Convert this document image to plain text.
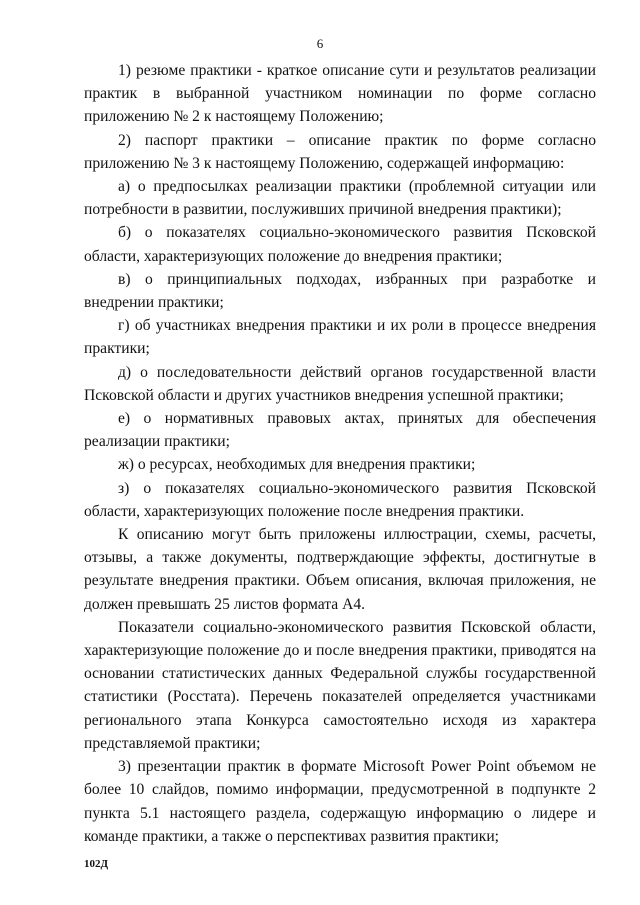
6

1) резюме практики - краткое описание сути и результатов реализации практик в выбранной участником номинации по форме согласно приложению № 2 к настоящему Положению;

2) паспорт практики – описание практик по форме согласно приложению № 3 к настоящему Положению, содержащей информацию:

а) о предпосылках реализации практики (проблемной ситуации или потребности в развитии, послуживших причиной внедрения практики);

б) о показателях социально-экономического развития Псковской области, характеризующих положение до внедрения практики;

в) о принципиальных подходах, избранных при разработке и внедрении практики;

г) об участниках внедрения практики и их роли в процессе внедрения практики;

д) о последовательности действий органов государственной власти Псковской области и других участников внедрения успешной практики;

е) о нормативных правовых актах, принятых для обеспечения реализации практики;

ж) о ресурсах, необходимых для внедрения практики;

з) о показателях социально-экономического развития Псковской области, характеризующих положение после внедрения практики.

К описанию могут быть приложены иллюстрации, схемы, расчеты, отзывы, а также документы, подтверждающие эффекты, достигнутые в результате внедрения практики. Объем описания, включая приложения, не должен превышать 25 листов формата А4.

Показатели социально-экономического развития Псковской области, характеризующие положение до и после внедрения практики, приводятся на основании статистических данных Федеральной службы государственной статистики (Росстата). Перечень показателей определяется участниками регионального этапа Конкурса самостоятельно исходя из характера представляемой практики;

3) презентации практик в формате Microsoft Power Point объемом не более 10 слайдов, помимо информации, предусмотренной в подпункте 2 пункта 5.1 настоящего раздела, содержащую информацию о лидере и команде практики, а также о перспективах развития практики;

102Д
